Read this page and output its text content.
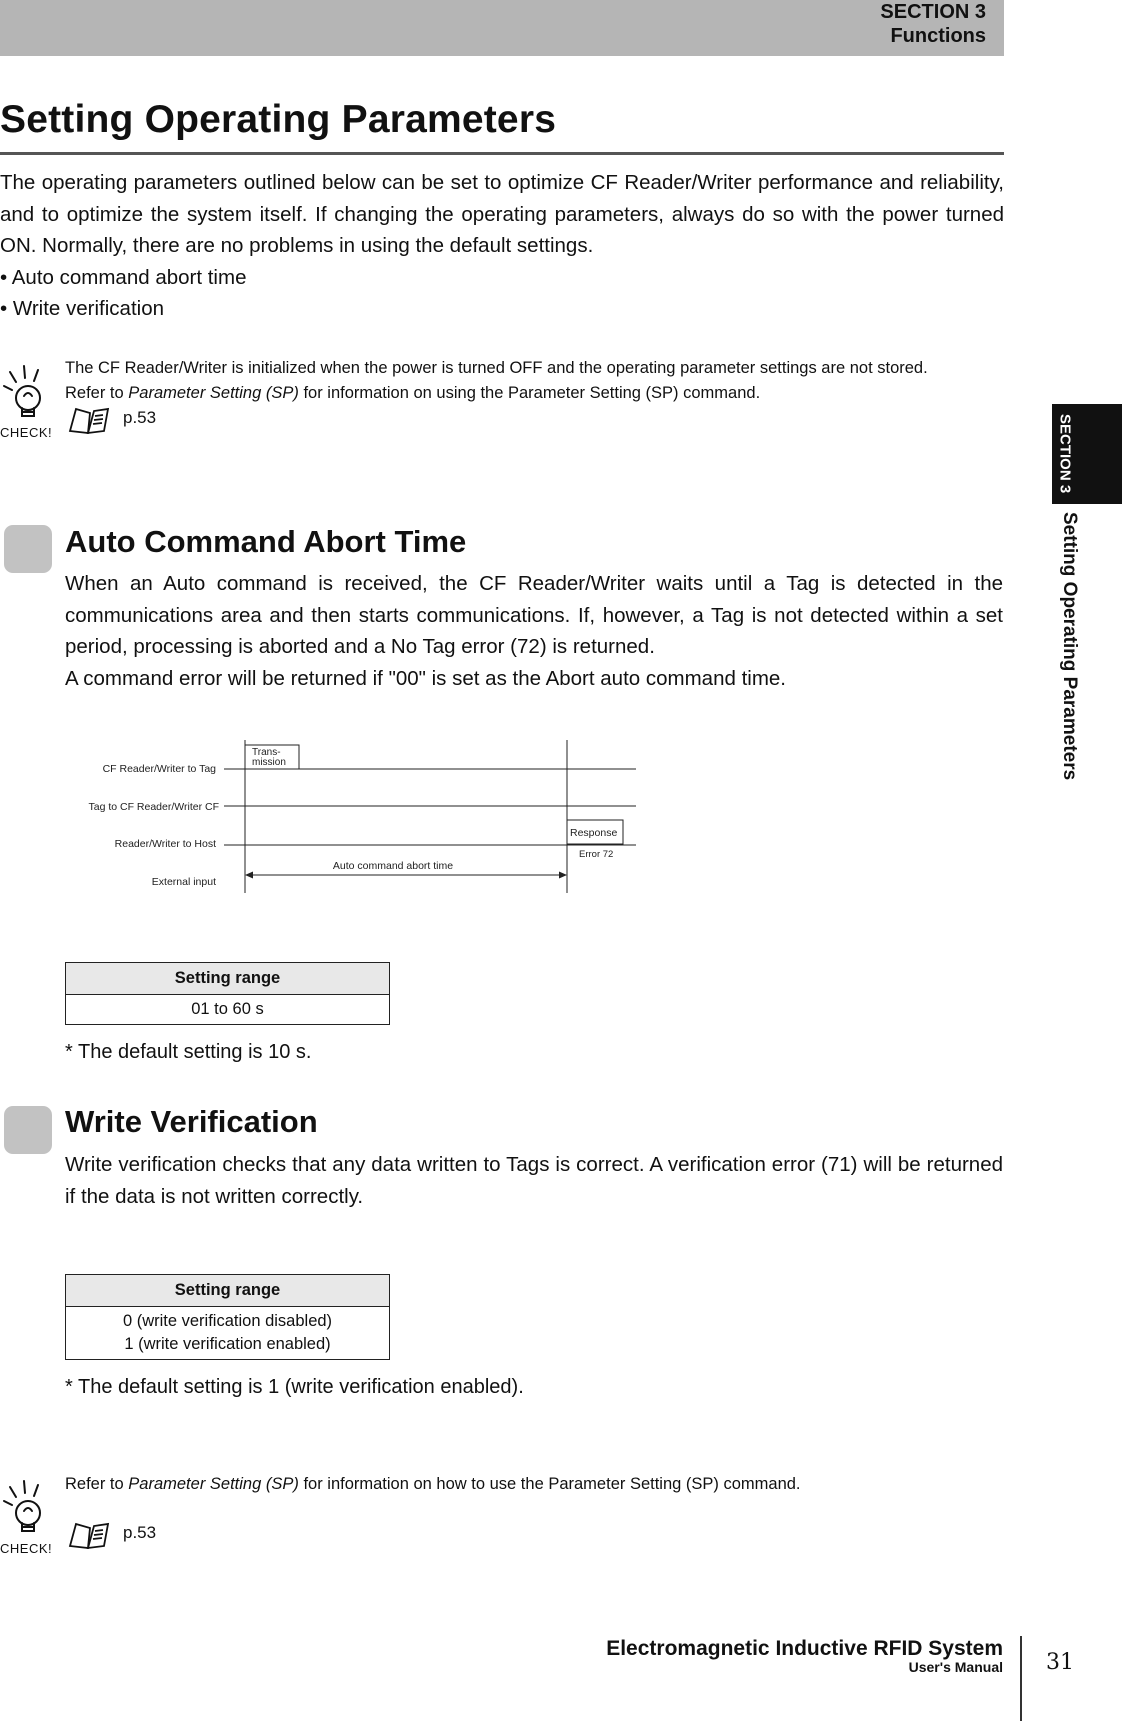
SECTION 3
Functions
Setting Operating Parameters
The operating parameters outlined below can be set to optimize CF Reader/Writer performance and reliability, and to optimize the system itself. If changing the operating parameters, always do so with the power turned ON. Normally, there are no problems in using the default settings.
• Auto command abort time
• Write verification
CHECK!
The CF Reader/Writer is initialized when the power is turned OFF and the operating parameter settings are not stored.
Refer to Parameter Setting (SP) for information on using the Parameter Setting (SP) command.
p.53	SECTION 3
Setting Operating Parameters
Auto Command Abort Time
When an Auto command is received, the CF Reader/Writer waits until a Tag is detected in the communications area and then starts communications. If, however, a Tag is not detected within a set period, processing is aborted and a No Tag error (72) is returned.
A command error will be returned if "00" is set as the Abort auto command time.
CF Reader/Writer to Tag
Tag to CF Reader/Writer CF
Reader/Writer to Host
External input
Trans-
mission
Response
Error 72
Auto command abort time
Setting range
01 to 60 s
* The default setting is 10 s.
Write Verification
Write verification checks that any data written to Tags is correct. A verification error (71) will be returned if the data is not written correctly.
Setting range

0 (write verification disabled)
1 (write verification enabled)
* The default setting is 1 (write verification enabled).
CHECK!
Refer to Parameter Setting (SP) for information on how to use the Parameter Setting (SP) command.
p.53
Electromagnetic Inductive RFID System
User's Manual 31
